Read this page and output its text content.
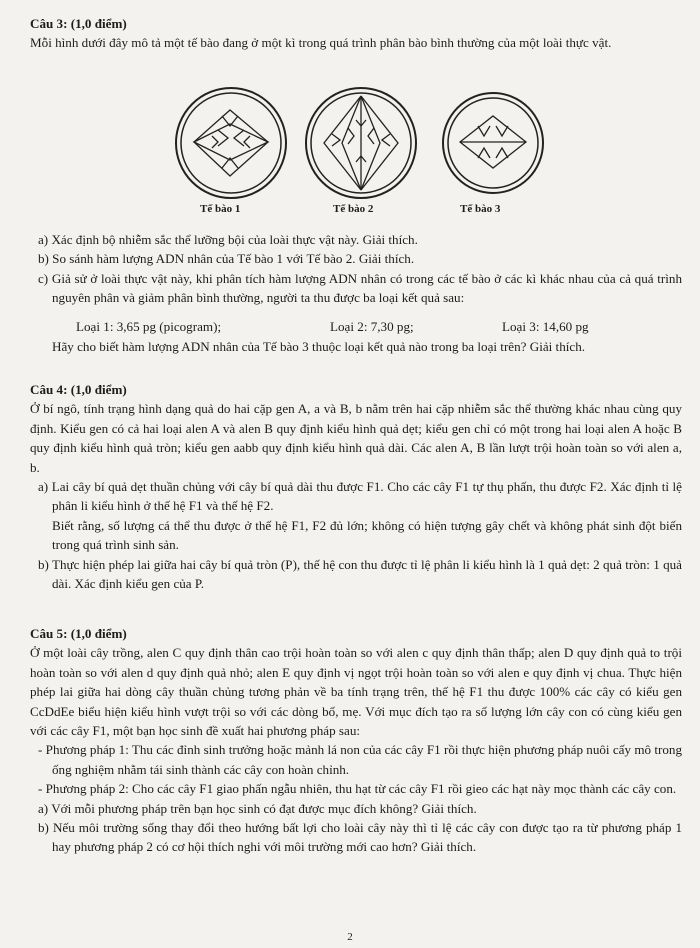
Câu 3: (1,0 điểm)
Mỗi hình dưới đây mô tả một tế bào đang ở một kì trong quá trình phân bào bình thường của một loài thực vật.
Tế bào 1	Tế bào 2	Tế bào 3
a) Xác định bộ nhiễm sắc thể lưỡng bội của loài thực vật này. Giải thích.
b) So sánh hàm lượng ADN nhân của Tế bào 1 với Tế bào 2. Giải thích.
c) Giả sử ở loài thực vật này, khi phân tích hàm lượng ADN nhân có trong các tế bào ở các kì khác nhau của cả quá trình nguyên phân và giảm phân bình thường, người ta thu được ba loại kết quả sau:
Loại 1: 3,65 pg (picogram);	Loại 2: 7,30 pg;	Loại 3: 14,60 pg
Hãy cho biết hàm lượng ADN nhân của Tế bào 3 thuộc loại kết quả nào trong ba loại trên? Giải thích.
Câu 4: (1,0 điểm)
Ở bí ngô, tính trạng hình dạng quả do hai cặp gen A, a và B, b nằm trên hai cặp nhiễm sắc thể thường khác nhau cùng quy định. Kiểu gen có cả hai loại alen A và alen B quy định kiểu hình quả dẹt; kiểu gen chỉ có một trong hai loại alen A hoặc B quy định kiểu hình quả tròn; kiểu gen aabb quy định kiểu hình quả dài. Các alen A, B lần lượt trội hoàn toàn so với alen a, b.
a) Lai cây bí quả dẹt thuần chủng với cây bí quả dài thu được F1. Cho các cây F1 tự thụ phấn, thu được F2. Xác định tỉ lệ phân li kiểu hình ở thế hệ F1 và thế hệ F2.
Biết rằng, số lượng cá thể thu được ở thế hệ F1, F2 đủ lớn; không có hiện tượng gây chết và không phát sinh đột biến trong quá trình sinh sản.
b) Thực hiện phép lai giữa hai cây bí quả tròn (P), thế hệ con thu được tỉ lệ phân li kiểu hình là 1 quả dẹt: 2 quả tròn: 1 quả dài. Xác định kiểu gen của P.
Câu 5: (1,0 điểm)
Ở một loài cây trồng, alen C quy định thân cao trội hoàn toàn so với alen c quy định thân thấp; alen D quy định quả to trội hoàn toàn so với alen d quy định quả nhỏ; alen E quy định vị ngọt trội hoàn toàn so với alen e quy định vị chua. Thực hiện phép lai giữa hai dòng cây thuần chủng tương phản về ba tính trạng trên, thế hệ F1 thu được 100% các cây có kiểu gen CcDdEe biểu hiện kiểu hình vượt trội so với các dòng bố, mẹ. Với mục đích tạo ra số lượng lớn cây con có cùng kiểu gen với các cây F1, một bạn học sinh đề xuất hai phương pháp sau:
- Phương pháp 1: Thu các đỉnh sinh trưởng hoặc mảnh lá non của các cây F1 rồi thực hiện phương pháp nuôi cấy mô trong ống nghiệm nhằm tái sinh thành các cây con hoàn chỉnh.
- Phương pháp 2: Cho các cây F1 giao phấn ngẫu nhiên, thu hạt từ các cây F1 rồi gieo các hạt này mọc thành các cây con.
a) Với mỗi phương pháp trên bạn học sinh có đạt được mục đích không? Giải thích.
b) Nếu môi trường sống thay đổi theo hướng bất lợi cho loài cây này thì tỉ lệ các cây con được tạo ra từ phương pháp 1 hay phương pháp 2 có cơ hội thích nghi với môi trường mới cao hơn? Giải thích.
2
